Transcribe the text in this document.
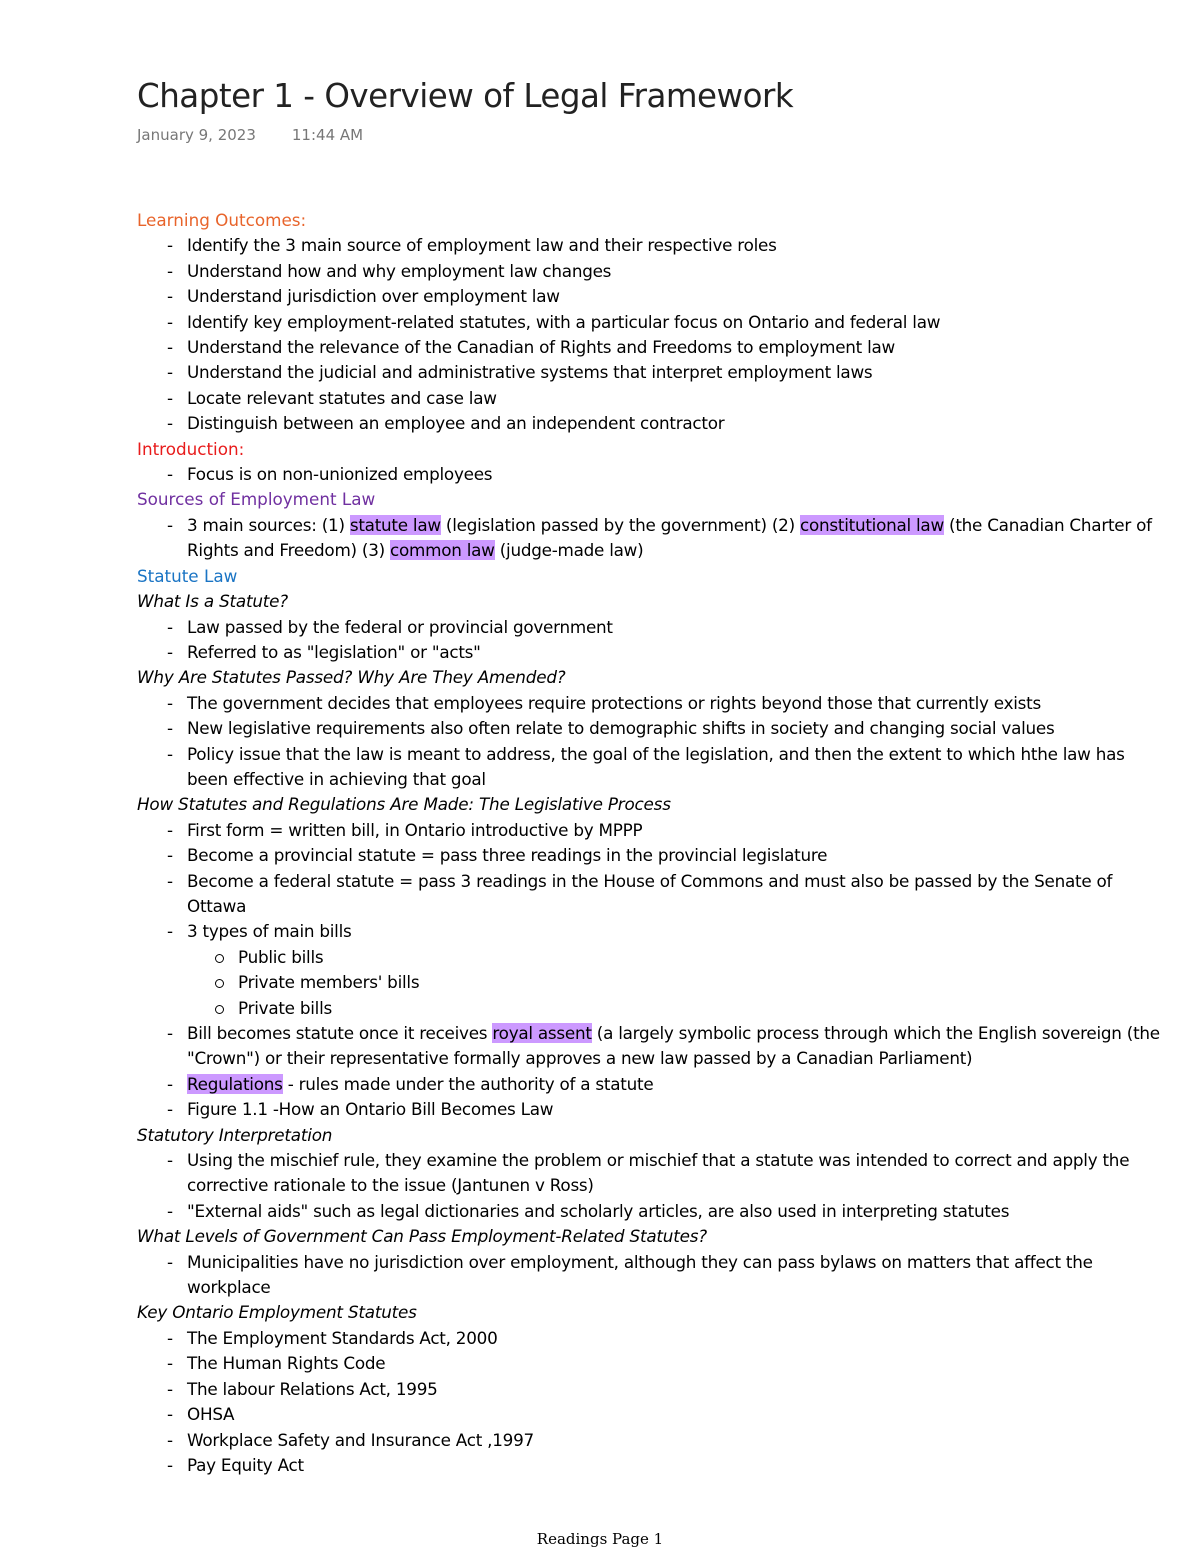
Chapter 1 - Overview of Legal Framework
January 9, 2023 11:44 AM
Learning Outcomes:
- Identify the 3 main source of employment law and their respective roles
- Understand how and why employment law changes
- Understand jurisdiction over employment law
- Identify key employment-related statutes, with a particular focus on Ontario and federal law
- Understand the relevance of the Canadian of Rights and Freedoms to employment law
- Understand the judicial and administrative systems that interpret employment laws
- Locate relevant statutes and case law
- Distinguish between an employee and an independent contractor
Introduction:
- Focus is on non-unionized employees
Sources of Employment Law
- 3 main sources: (1) statute law (legislation passed by the government) (2) constitutional law (the Canadian Charter of Rights and Freedom) (3) common law (judge-made law)
Statute Law
What Is a Statute?
- Law passed by the federal or provincial government
- Referred to as "legislation" or "acts"
Why Are Statutes Passed? Why Are They Amended?
- The government decides that employees require protections or rights beyond those that currently exists
- New legislative requirements also often relate to demographic shifts in society and changing social values
- Policy issue that the law is meant to address, the goal of the legislation, and then the extent to which hthe law has been effective in achieving that goal
How Statutes and Regulations Are Made: The Legislative Process
- First form = written bill, in Ontario introductive by MPPP
- Become a provincial statute = pass three readings in the provincial legislature
- Become a federal statute = pass 3 readings in the House of Commons and must also be passed by the Senate of Ottawa
- 3 types of main bills
Public bills
Private members' bills
Private bills
- Bill becomes statute once it receives royal assent (a largely symbolic process through which the English sovereign (the "Crown") or their representative formally approves a new law passed by a Canadian Parliament)
- Regulations - rules made under the authority of a statute
- Figure 1.1 -How an Ontario Bill Becomes Law
Statutory Interpretation
- Using the mischief rule, they examine the problem or mischief that a statute was intended to correct and apply the corrective rationale to the issue (Jantunen v Ross)
- "External aids" such as legal dictionaries and scholarly articles, are also used in interpreting statutes
What Levels of Government Can Pass Employment-Related Statutes?
- Municipalities have no jurisdiction over employment, although they can pass bylaws on matters that affect the workplace
Key Ontario Employment Statutes
- The Employment Standards Act, 2000
- The Human Rights Code
- The labour Relations Act, 1995
- OHSA
- Workplace Safety and Insurance Act ,1997
- Pay Equity Act
Readings Page 1
